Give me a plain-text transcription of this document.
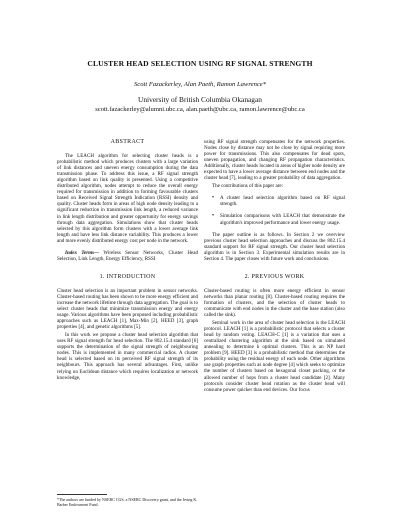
CLUSTER HEAD SELECTION USING RF SIGNAL STRENGTH
Scott Fazackerley, Alan Paeth, Ramon Lawrence*
University of British Columbia Okanagan
scott.fazackerley@alumni.ubc.ca, alan.paeth@ubc.ca, ramon.lawrence@ubc.ca
ABSTRACT

The LEACH algorithm for selecting cluster heads is a probabilistic method which produces clusters with a large variation of link distances and uneven energy consumption during the data transmission phase. To address this issue, a RF signal strength algorithm based on link quality is presented. Using a competitive distributed algorithm, nodes attempt to reduce the overall energy required for transmission in addition to forming favourable clusters based on Received Signal Strength Indication (RSSI) density and quality. Cluster heads form in areas of high node density leading to a significant reduction in transmission link length, a reduced variance in link length distribution and greater opportunity for energy savings through data aggregation. Simulations show that cluster heads selected by this algorithm form clusters with a lower average link length and have less link distance variability. This produces a lower and more evenly distributed energy cost per node in the network.

Index Terms— Wireless Sensor Networks, Cluster Head Selection, Link Length, Energy Efficiency, RSSI

1. INTRODUCTION

Cluster head selection is an important problem in sensor networks. Cluster-based routing has been shown to be more energy efficient and increase the network lifetime through data aggregation. The goal is to select cluster heads that minimize transmission energy and energy usage. Various algorithms have been proposed including probabilistic approaches such as LEACH [1], Max-Min [2], HEED [3], graph properties [4], and genetic algorithms [5].

In this work we propose a cluster head selection algorithm that uses RF signal strength for head selection. The 802.15.4 standard [6] supports the determination of the signal strength of neighbouring nodes. This is implemented in many commercial radios. A cluster head is selected based on its perceived RF signal strength of its neighbours. This approach has several advantages. First, unlike relying on Euclidean distance which requires localization or network knowledge,

using RF signal strength compensates for the network properties. Nodes close by distance may not be close by signal requiring more power for transmissions. This also compensates for dead spots, uneven propagation, and changing RF propagation characteristics. Additionally, cluster heads located in areas of higher node density are expected to have a lower average distance between end nodes and the cluster head [7], leading to a greater probability of data aggregation.

The contributions of this paper are:

• A cluster head selection algorithm based on RF signal strength.
• Simulation comparisons with LEACH that demonstrate the algorithm's improved performance and lower energy usage.

The paper outline is as follows. In Section 2 we overview previous cluster head selection approaches and discuss the 802.15.4 standard support for RF signal strength. Our cluster head selection algorithm is in Section 3. Experimental simulation results are in Section 4. The paper closes with future work and conclusions.

2. PREVIOUS WORK

Cluster-based routing is often more energy efficient in sensor networks than planar routing [8]. Cluster-based routing requires the formation of clusters, and the selection of cluster heads to communicate with end nodes in the cluster and the base station (also called the sink).

Seminal work in the area of cluster head selection is the LEACH protocol. LEACH [1] is a probabilistic protocol that selects a cluster head by random voting. LEACH-C [1] is a variation that uses a centralized clustering algorithm at the sink based on simulated annealing to determine k optimal clusters. This is an NP hard problem [9]. HEED [3] is a probabilistic method that determines the probability using the residual energy of each node. Other algorithms use graph properties such as node degree [4] which seeks to optimize the number of clusters based on hexagonal closet packing, or the allowed number of hops from a cluster head candidate [2]. Many protocols consider cluster head rotation as the cluster head will consume power quicker than end devices. Our focus

*The authors are funded by NSERC CGS, a NSERC Discovery grant, and the Irving K. Barber Endowment Fund.
